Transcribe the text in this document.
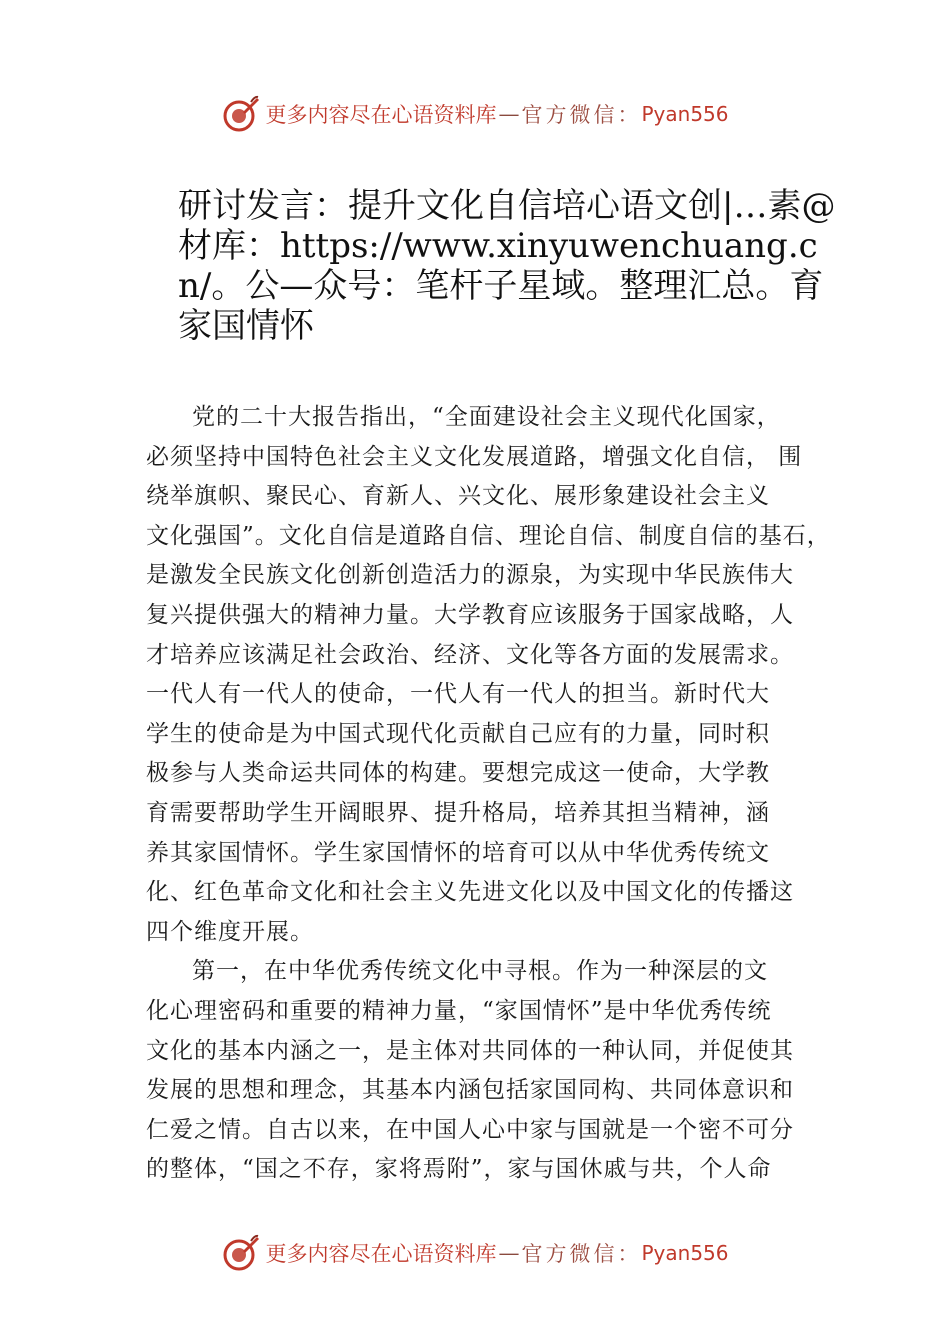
更多内容尽在心语资料库 — 官方微信： Pyan556
研讨发言：提升文化自信培心语文创|…素@材库：https://www.xinyuwenchuang.cn/。公—众号：笔杆子星域。整理汇总。育家国情怀
党的二十大报告指出，“全面建设社会主义现代化国家，
必须坚持中国特色社会主义文化发展道路，增强文化自信， 围
绕举旗帜、聚民心、育新人、兴文化、展形象建设社会主义
文化强国”。文化自信是道路自信、理论自信、制度自信的基石，
是激发全民族文化创新创造活力的源泉，为实现中华民族伟大
复兴提供强大的精神力量。大学教育应该服务于国家战略，人
才培养应该满足社会政治、经济、文化等各方面的发展需求。
一代人有一代人的使命，一代人有一代人的担当。新时代大
学生的使命是为中国式现代化贡献自己应有的力量，同时积
极参与人类命运共同体的构建。要想完成这一使命，大学教
育需要帮助学生开阔眼界、提升格局，培养其担当精神，涵
养其家国情怀。学生家国情怀的培育可以从中华优秀传统文
化、红色革命文化和社会主义先进文化以及中国文化的传播这
四个维度开展。
第一，在中华优秀传统文化中寻根。作为一种深层的文
化心理密码和重要的精神力量，“家国情怀”是中华优秀传统
文化的基本内涵之一，是主体对共同体的一种认同，并促使其
发展的思想和理念，其基本内涵包括家国同构、共同体意识和
仁爱之情。自古以来，在中国人心中家与国就是一个密不可分
的整体，“国之不存，家将焉附”，家与国休戚与共，个人命
更多内容尽在心语资料库 — 官方微信： Pyan556
